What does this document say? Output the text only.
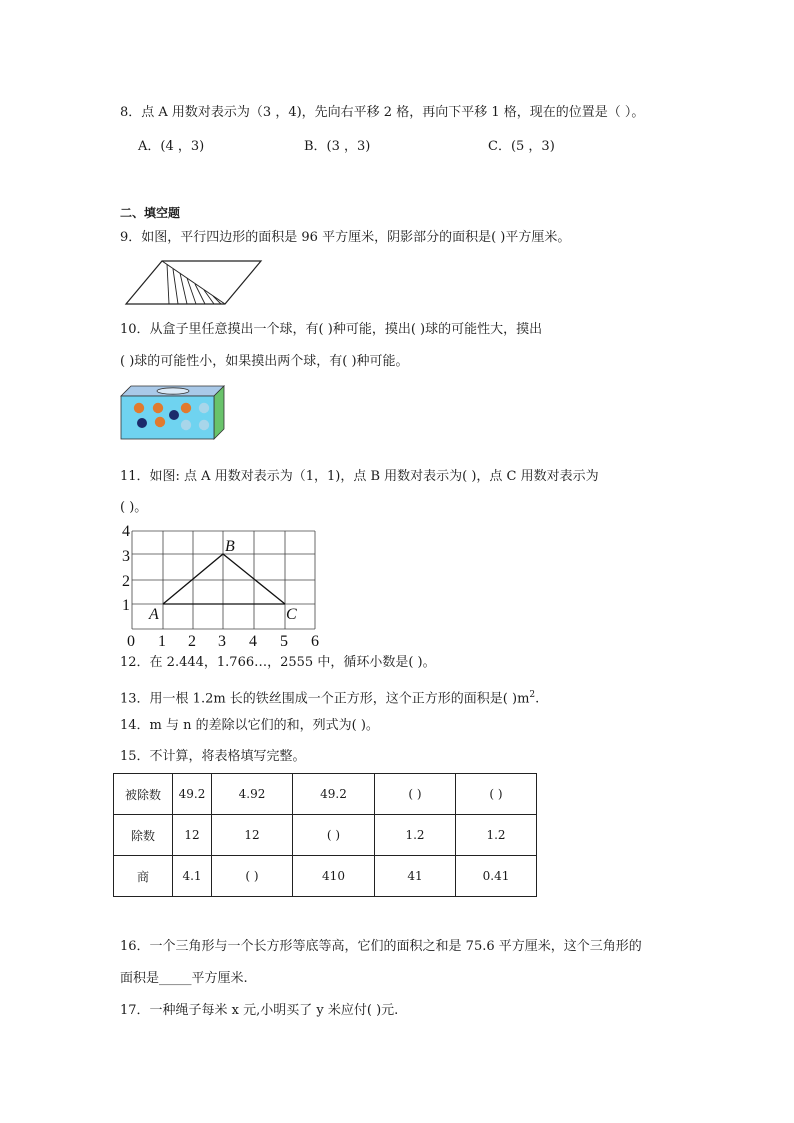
8．点 A 用数对表示为（3 ，4)，先向右平移 2 格，再向下平移 1 格，现在的位置是（ ）。
A．(4 ，3)	B．(3 ，3)	C．(5 ，3)
二、填空题
9．如图，平行四边形的面积是 96 平方厘米，阴影部分的面积是( )平方厘米。
10．从盒子里任意摸出一个球，有( )种可能，摸出( )球的可能性大，摸出
( )球的可能性小，如果摸出两个球，有( )种可能。
11．如图: 点 A 用数对表示为（1，1)，点 B 用数对表示为( )，点 C 用数对表示为
( )。
4
3
2
1
0 1 2 3 4 5 6
A
B
C
12．在 2.444，1.766…，2555 中，循环小数是( )。
13．用一根 1.2m 长的铁丝围成一个正方形，这个正方形的面积是( )$m^2$.
14．m 与 n 的差除以它们的和，列式为( )。
15．不计算，将表格填写完整。
被除数	49.2	4.92	49.2	( )	( )
除数	12	12	( )	1.2	1.2
商	4.1	( )	410	41	0.41
16．一个三角形与一个长方形等底等高，它们的面积之和是 75.6 平方厘米，这个三角形的
面积是_____平方厘米.
17．一种绳子每米 x 元,小明买了 y 米应付( )元.
